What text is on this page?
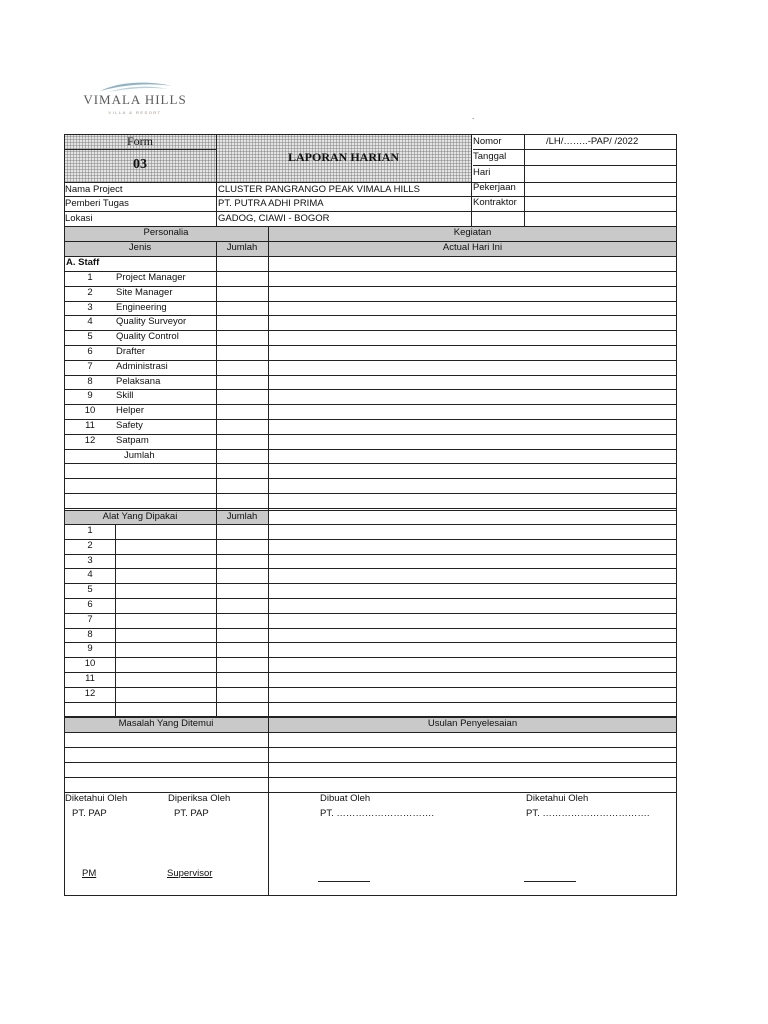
VIMALA HILLS
VILLA & RESORT	.
Form
03	LAPORAN HARIAN
Nomor	/LH/……..-PAP/ /2022
Tanggal
Hari
Pekerjaan
Kontraktor
Nama Project	CLUSTER PANGRANGO PEAK VIMALA HILLS
Pemberi Tugas	PT. PUTRA ADHI PRIMA
Lokasi	GADOG, CIAWI - BOGOR
Personalia
Jenis	Jumlah
Kegiatan
Actual Hari Ini
A. Staff
1	Project Manager
2	Site Manager
3	Engineering
4	Quality Surveyor
5	Quality Control
6	Drafter
7	Administrasi
8	Pelaksana
9	Skill
10	Helper
11	Safety
12	Satpam
Jumlah
Alat Yang Dipakai	Jumlah
1
2
3
4
5
6
7
8
9
10
11
12
Masalah Yang Ditemui	Usulan Penyelesaian
Diketahui Oleh
PT. PAP
PM
Diperiksa Oleh
PT. PAP
Supervisor
Dibuat Oleh
PT. ………………………….
Diketahui Oleh
PT. …………………………….
